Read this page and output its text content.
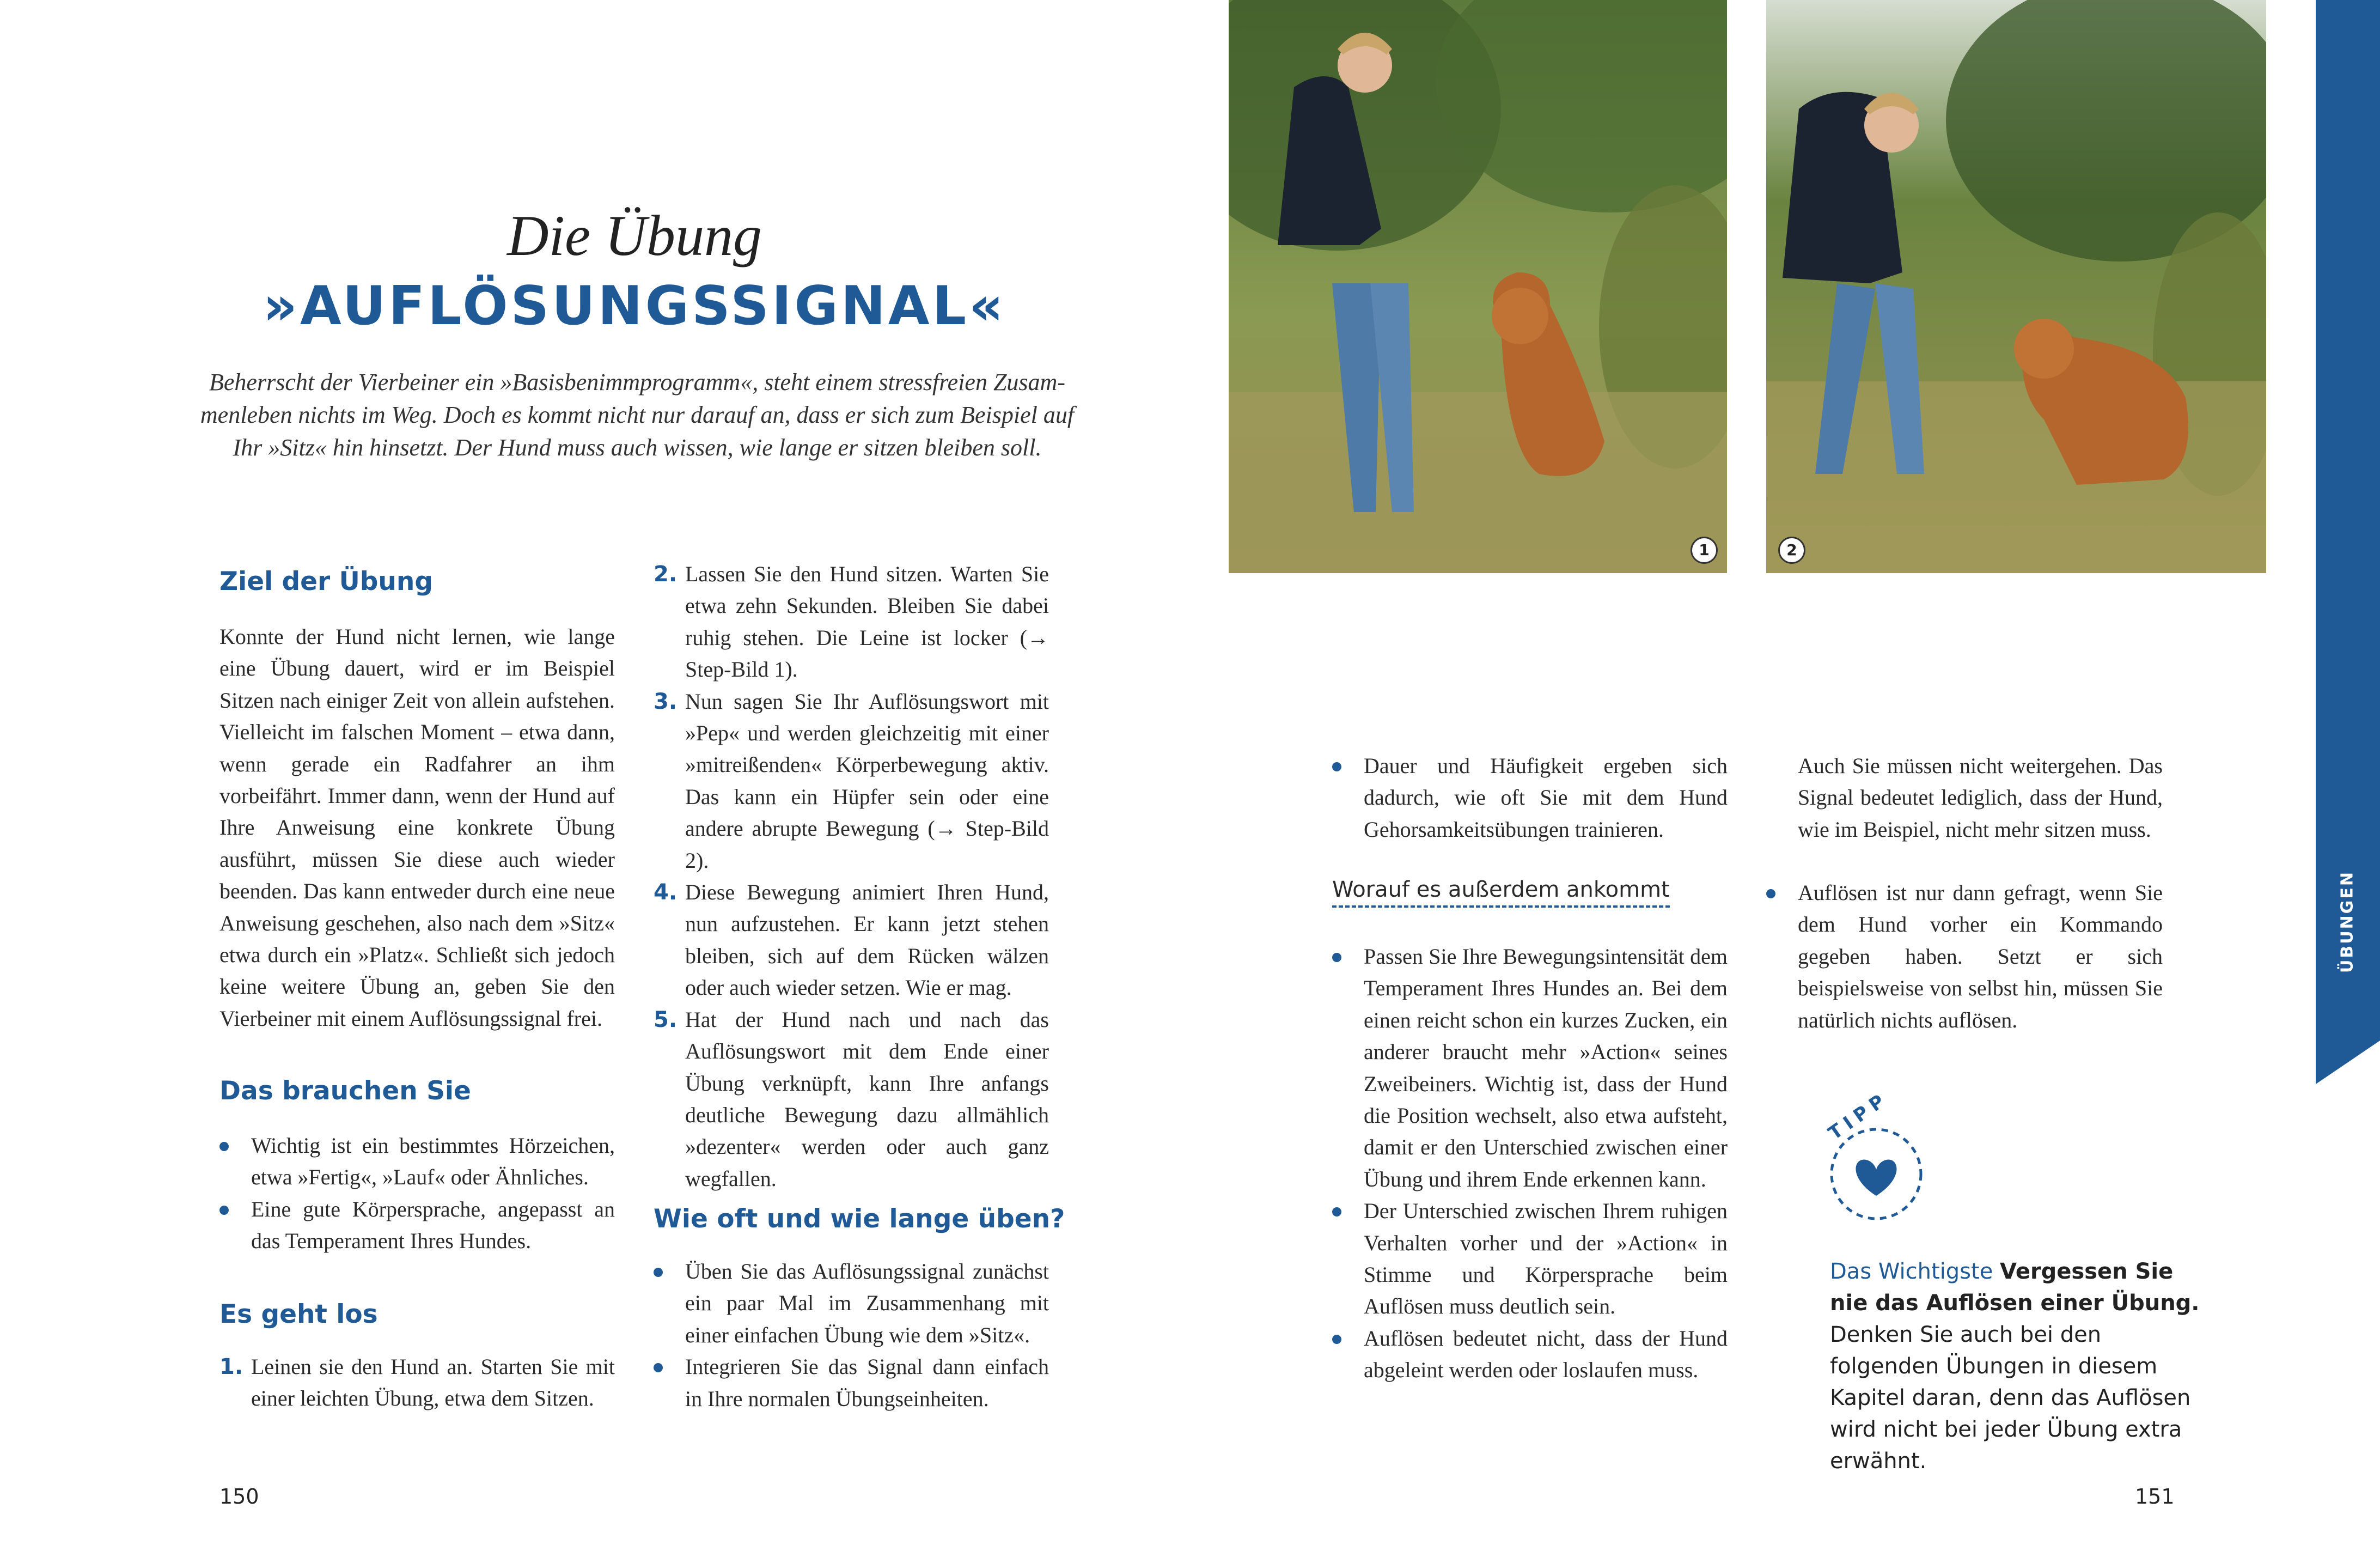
Die Übung
»AUFLÖSUNGSSIGNAL«
Beherrscht der Vierbeiner ein »Basisbenimmprogramm«, steht einem stressfreien Zusam-
menleben nichts im Weg. Doch es kommt nicht nur darauf an, dass er sich zum Beispiel auf
Ihr »Sitz« hin hinsetzt. Der Hund muss auch wissen, wie lange er sitzen bleiben soll.
Ziel der Übung
Konnte der Hund nicht lernen, wie lange eine Übung dauert, wird er im Beispiel Sitzen nach einiger Zeit von allein aufstehen. Vielleicht im falschen Moment – etwa dann, wenn gerade ein Radfahrer an ihm vorbeifährt. Immer dann, wenn der Hund auf Ihre Anweisung eine konkrete Übung ausführt, müssen Sie diese auch wieder beenden. Das kann entweder durch eine neue Anweisung geschehen, also nach dem »Sitz« etwa durch ein »Platz«. Schließt sich jedoch keine weitere Übung an, geben Sie den Vierbeiner mit einem Auflösungssignal frei.
Das brauchen Sie
Wichtig ist ein bestimmtes Hörzeichen, etwa »Fertig«, »Lauf« oder Ähnliches.
Eine gute Körpersprache, angepasst an das Temperament Ihres Hundes.
Es geht los
1. Leinen sie den Hund an. Starten Sie mit einer leichten Übung, etwa dem Sitzen.
2. Lassen Sie den Hund sitzen. Warten Sie etwa zehn Sekunden. Bleiben Sie dabei ruhig stehen. Die Leine ist locker (→ Step-Bild 1).
3. Nun sagen Sie Ihr Auflösungswort mit »Pep« und werden gleichzeitig mit einer »mitreißenden« Körperbewegung aktiv. Das kann ein Hüpfer sein oder eine andere abrupte Bewegung (→ Step-Bild 2).
4. Diese Bewegung animiert Ihren Hund, nun aufzustehen. Er kann jetzt stehen bleiben, sich auf dem Rücken wälzen oder auch wieder setzen. Wie er mag.
5. Hat der Hund nach und nach das Auflösungswort mit dem Ende einer Übung verknüpft, kann Ihre anfangs deutliche Bewegung dazu allmählich »dezenter« werden oder auch ganz wegfallen.
Wie oft und wie lange üben?
Üben Sie das Auflösungssignal zunächst ein paar Mal im Zusammenhang mit einer einfachen Übung wie dem »Sitz«.
Integrieren Sie das Signal dann einfach in Ihre normalen Übungseinheiten.
150
1	2
Dauer und Häufigkeit ergeben sich dadurch, wie oft Sie mit dem Hund Gehorsamkeitsübungen trainieren.
Worauf es außerdem ankommt
Passen Sie Ihre Bewegungsintensität dem Temperament Ihres Hundes an. Bei dem einen reicht schon ein kurzes Zucken, ein anderer braucht mehr »Action« seines Zweibeiners. Wichtig ist, dass der Hund die Position wechselt, also etwa aufsteht, damit er den Unterschied zwischen einer Übung und ihrem Ende erkennen kann.
Der Unterschied zwischen Ihrem ruhigen Verhalten vorher und der »Action« in Stimme und Körpersprache beim Auflösen muss deutlich sein.
Auflösen bedeutet nicht, dass der Hund abgeleint werden oder loslaufen muss.
Auch Sie müssen nicht weitergehen. Das Signal bedeutet lediglich, dass der Hund, wie im Beispiel, nicht mehr sitzen muss.
Auflösen ist nur dann gefragt, wenn Sie dem Hund vorher ein Kommando gegeben haben. Setzt er sich beispielsweise von selbst hin, müssen Sie natürlich nichts auflösen.
TIPP
Das Wichtigste Vergessen Sie nie das Auflösen einer Übung. Denken Sie auch bei den folgenden Übungen in diesem Kapitel daran, denn das Auflösen wird nicht bei jeder Übung extra erwähnt.
151
ÜBUNGEN
